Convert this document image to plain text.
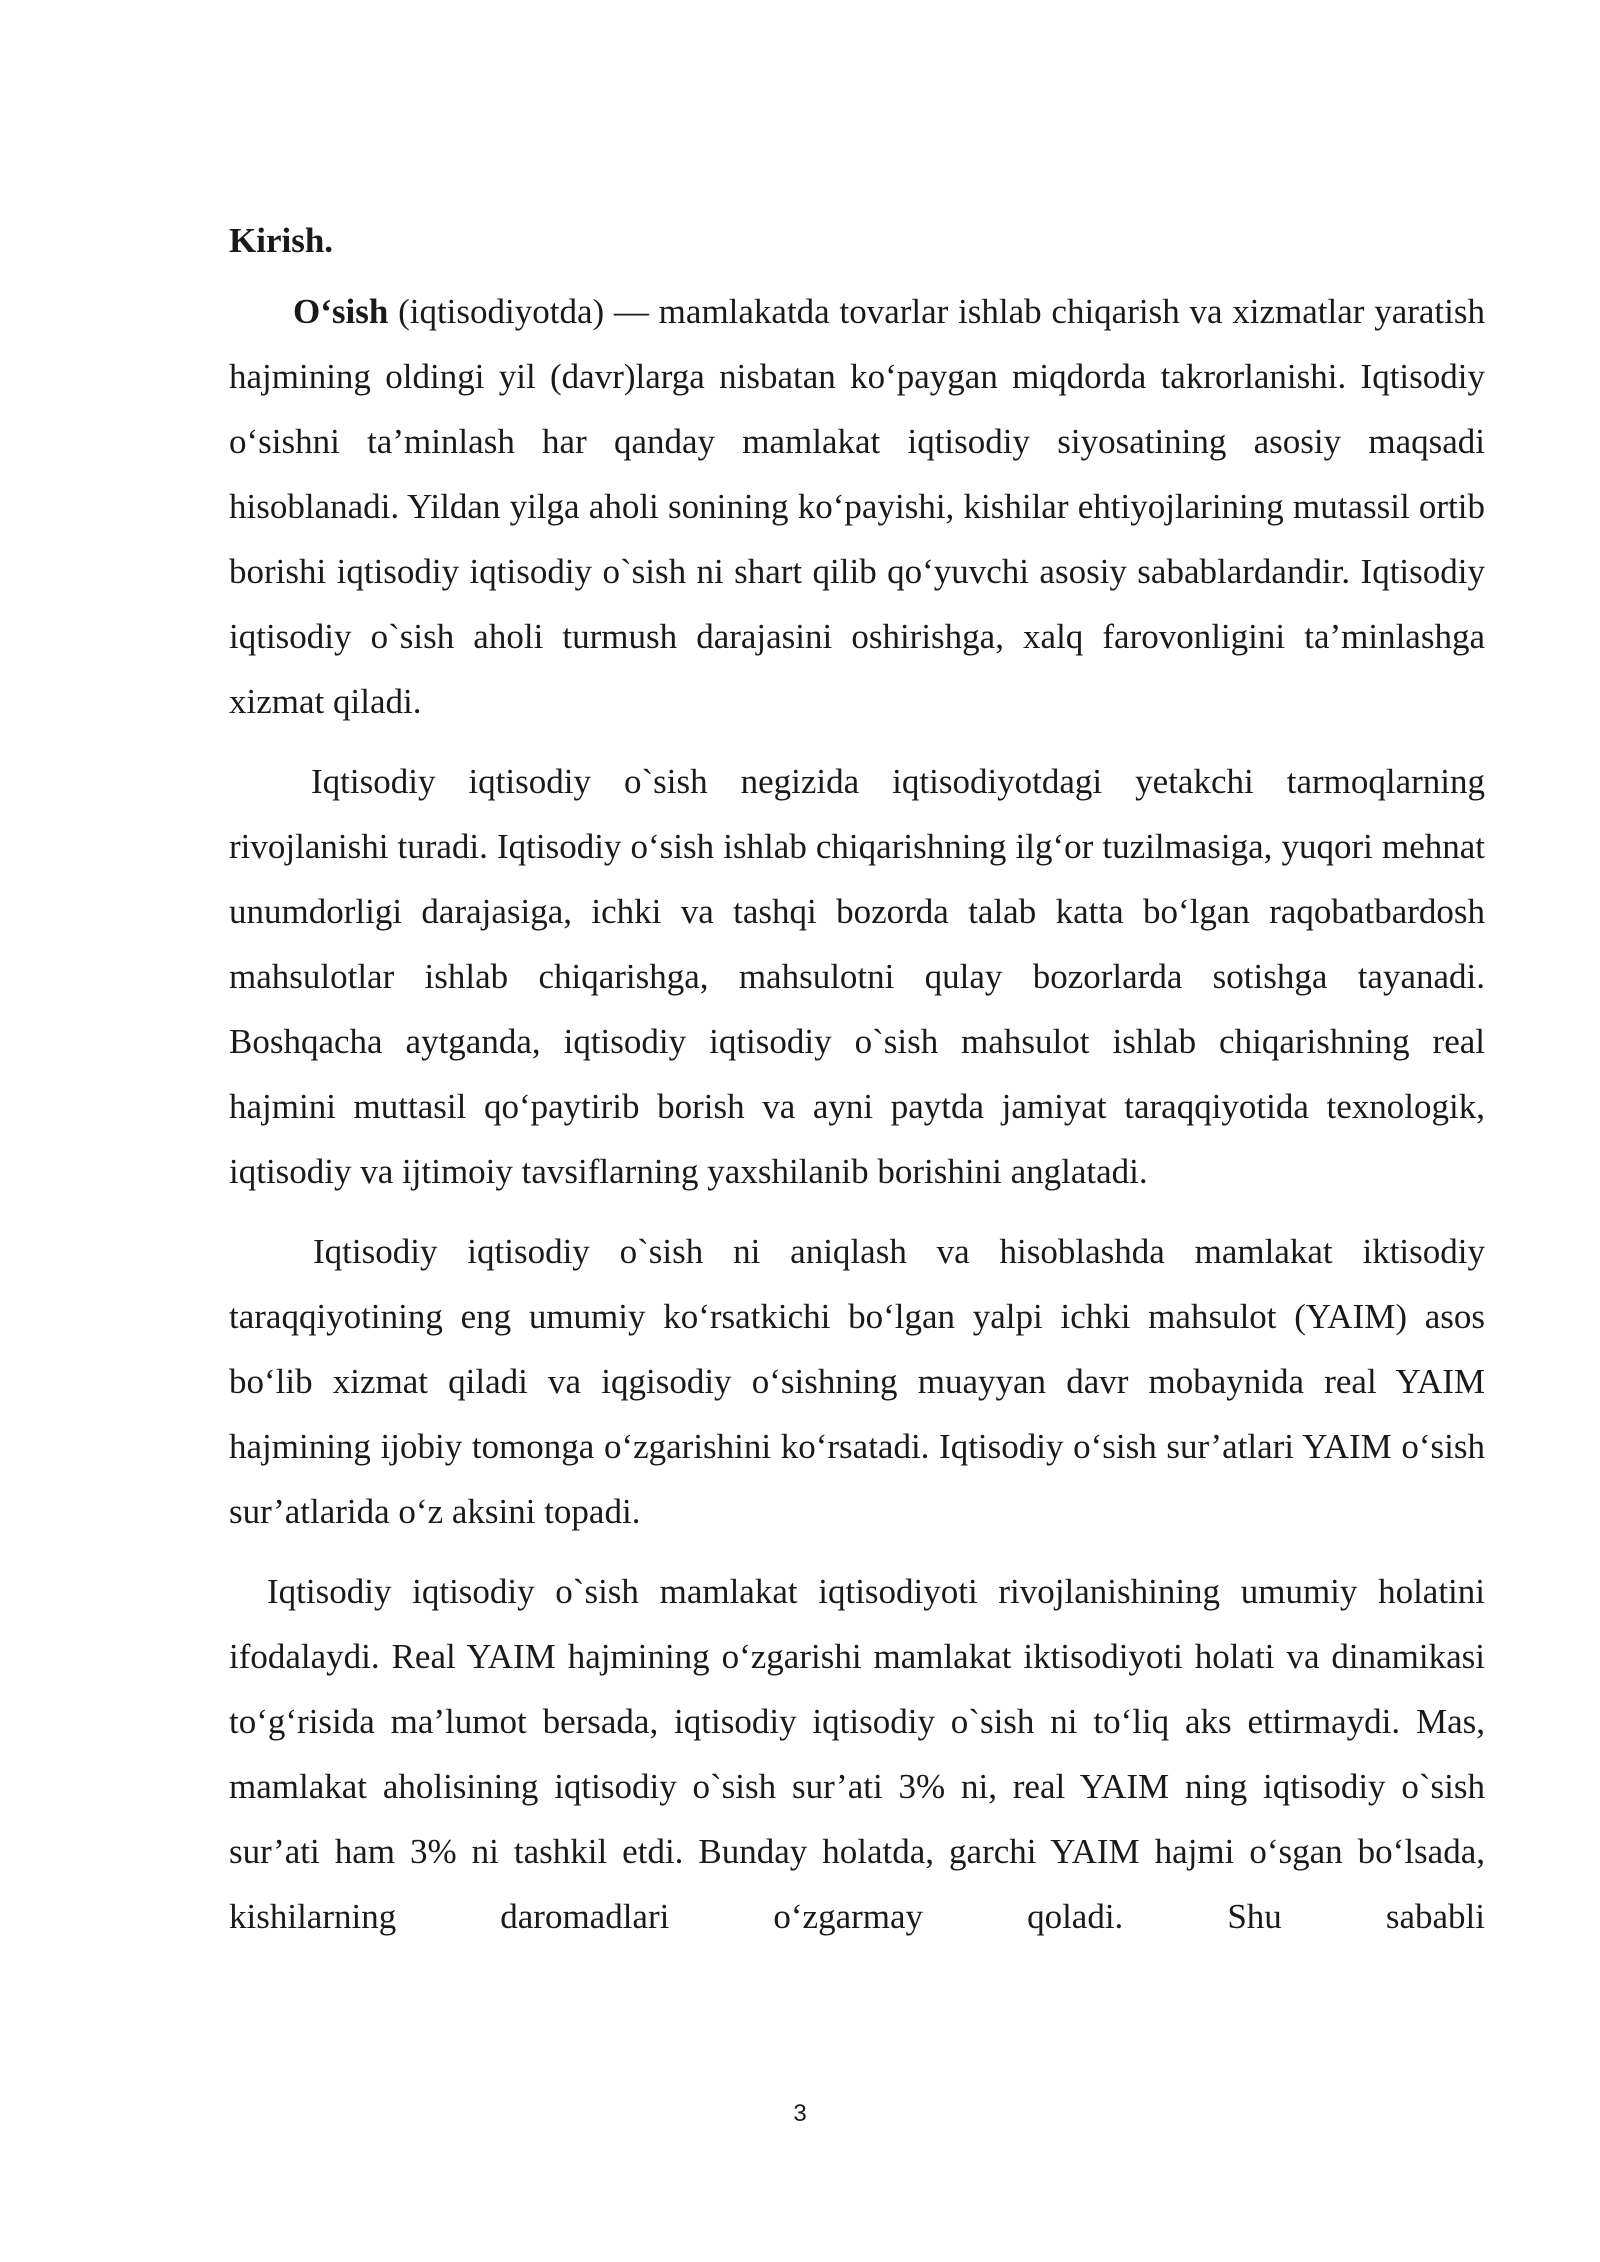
Kirish.

O‘sish (iqtisodiyotda) — mamlakatda tovarlar ishlab chiqarish va xizmatlar yaratish hajmining oldingi yil (davr)larga nisbatan ko‘paygan miqdorda takrorlanishi. Iqtisodiy o‘sishni ta’minlash har qanday mamlakat iqtisodiy siyosatining asosiy maqsadi hisoblanadi. Yildan yilga aholi sonining ko‘payishi, kishilar ehtiyojlarining mutassil ortib borishi iqtisodiy iqtisodiy o`sish ni shart qilib qo‘yuvchi asosiy sabablardandir. Iqtisodiy iqtisodiy o`sish aholi turmush darajasini oshirishga, xalq farovonligini ta’minlashga xizmat qiladi.

Iqtisodiy iqtisodiy o`sish negizida iqtisodiyotdagi yetakchi tarmoqlarning rivojlanishi turadi. Iqtisodiy o‘sish ishlab chiqarishning ilg‘or tuzilmasiga, yuqori mehnat unumdorligi darajasiga, ichki va tashqi bozorda talab katta bo‘lgan raqobatbardosh mahsulotlar ishlab chiqarishga, mahsulotni qulay bozorlarda sotishga tayanadi. Boshqacha aytganda, iqtisodiy iqtisodiy o`sish mahsulot ishlab chiqarishning real hajmini muttasil qo‘paytirib borish va ayni paytda jamiyat taraqqiyotida texnologik, iqtisodiy va ijtimoiy tavsiflarning yaxshilanib borishini anglatadi.

Iqtisodiy iqtisodiy o`sish ni aniqlash va hisoblashda mamlakat iktisodiy taraqqiyotining eng umumiy ko‘rsatkichi bo‘lgan yalpi ichki mahsulot (YAIM) asos bo‘lib xizmat qiladi va iqgisodiy o‘sishning muayyan davr mobaynida real YAIM hajmining ijobiy tomonga o‘zgarishini ko‘rsatadi. Iqtisodiy o‘sish sur’atlari YAIM o‘sish sur’atlarida o‘z aksini topadi.

Iqtisodiy iqtisodiy o`sish mamlakat iqtisodiyoti rivojlanishining umumiy holatini ifodalaydi. Real YAIM hajmining o‘zgarishi mamlakat iktisodiyoti holati va dinamikasi to‘g‘risida ma’lumot bersada, iqtisodiy iqtisodiy o`sish ni to‘liq aks ettirmaydi. Mas, mamlakat aholisining iqtisodiy o`sish sur’ati 3% ni, real YAIM ning iqtisodiy o`sish sur’ati ham 3% ni tashkil etdi. Bunday holatda, garchi YAIM hajmi o‘sgan bo‘lsada, kishilarning daromadlari o‘zgarmay qoladi. Shu sababli

3
